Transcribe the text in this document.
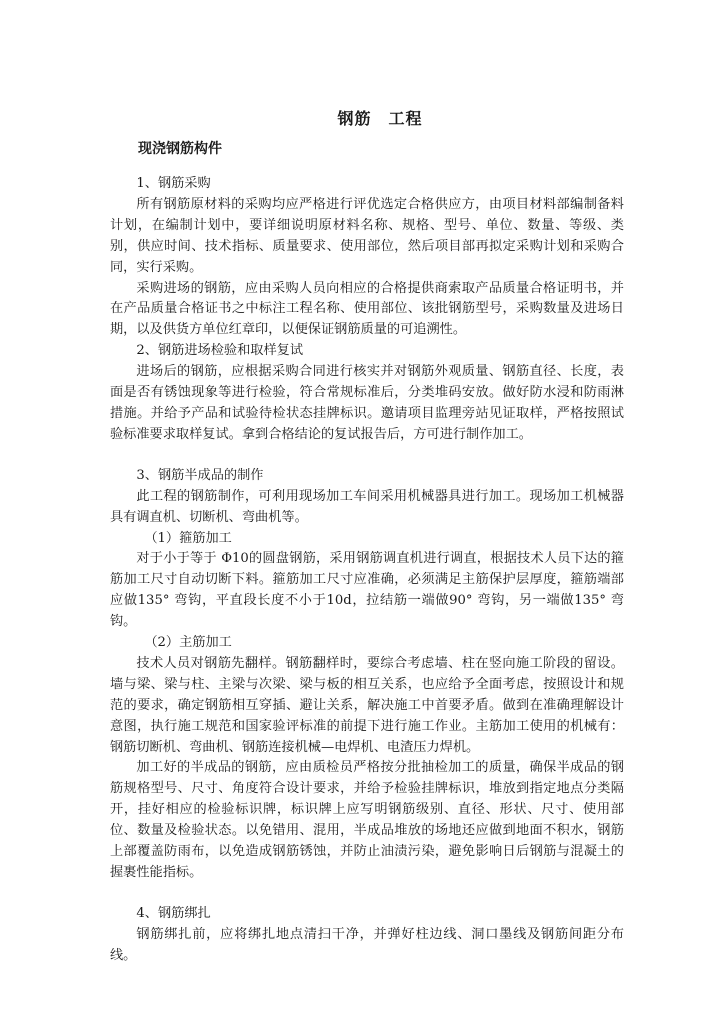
钢筋　工程
现浇钢筋构件

1、钢筋采购

所有钢筋原材料的采购均应严格进行评优选定合格供应方，由项目材料部编制备料计划，在编制计划中，要详细说明原材料名称、规格、型号、单位、数量、等级、类别，供应时间、技术指标、质量要求、使用部位，然后项目部再拟定采购计划和采购合同，实行采购。

采购进场的钢筋，应由采购人员向相应的合格提供商索取产品质量合格证明书，并在产品质量合格证书之中标注工程名称、使用部位、该批钢筋型号，采购数量及进场日期，以及供货方单位红章印，以便保证钢筋质量的可追溯性。

2、钢筋进场检验和取样复试

进场后的钢筋，应根据采购合同进行核实并对钢筋外观质量、钢筋直径、长度，表面是否有锈蚀现象等进行检验，符合常规标准后，分类堆码安放。做好防水浸和防雨淋措施。并给予产品和试验待检状态挂牌标识。邀请项目监理旁站见证取样，严格按照试验标准要求取样复试。拿到合格结论的复试报告后，方可进行制作加工。

3、钢筋半成品的制作

此工程的钢筋制作，可利用现场加工车间采用机械器具进行加工。现场加工机械器具有调直机、切断机、弯曲机等。

（1）箍筋加工

对于小于等于 Φ10的圆盘钢筋，采用钢筋调直机进行调直，根据技术人员下达的箍筋加工尺寸自动切断下料。箍筋加工尺寸应准确，必须满足主筋保护层厚度，箍筋端部应做135° 弯钩，平直段长度不小于10d，拉结筋一端做90° 弯钩，另一端做135° 弯钩。

（2）主筋加工

技术人员对钢筋先翻样。钢筋翻样时，要综合考虑墙、柱在竖向施工阶段的留设。墙与梁、梁与柱、主梁与次梁、梁与板的相互关系，也应给予全面考虑，按照设计和规范的要求，确定钢筋相互穿插、避让关系，解决施工中首要矛盾。做到在准确理解设计意图，执行施工规范和国家验评标准的前提下进行施工作业。主筋加工使用的机械有：钢筋切断机、弯曲机、钢筋连接机械—电焊机、电渣压力焊机。

加工好的半成品的钢筋，应由质检员严格按分批抽检加工的质量，确保半成品的钢筋规格型号、尺寸、角度符合设计要求，并给予检验挂牌标识，堆放到指定地点分类隔开，挂好相应的检验标识牌，标识牌上应写明钢筋级别、直径、形状、尺寸、使用部位、数量及检验状态。以免错用、混用，半成品堆放的场地还应做到地面不积水，钢筋上部覆盖防雨布，以免造成钢筋锈蚀，并防止油渍污染，避免影响日后钢筋与混凝土的握裹性能指标。

4、钢筋绑扎

钢筋绑扎前，应将绑扎地点清扫干净，并弹好柱边线、洞口墨线及钢筋间距分布线。
